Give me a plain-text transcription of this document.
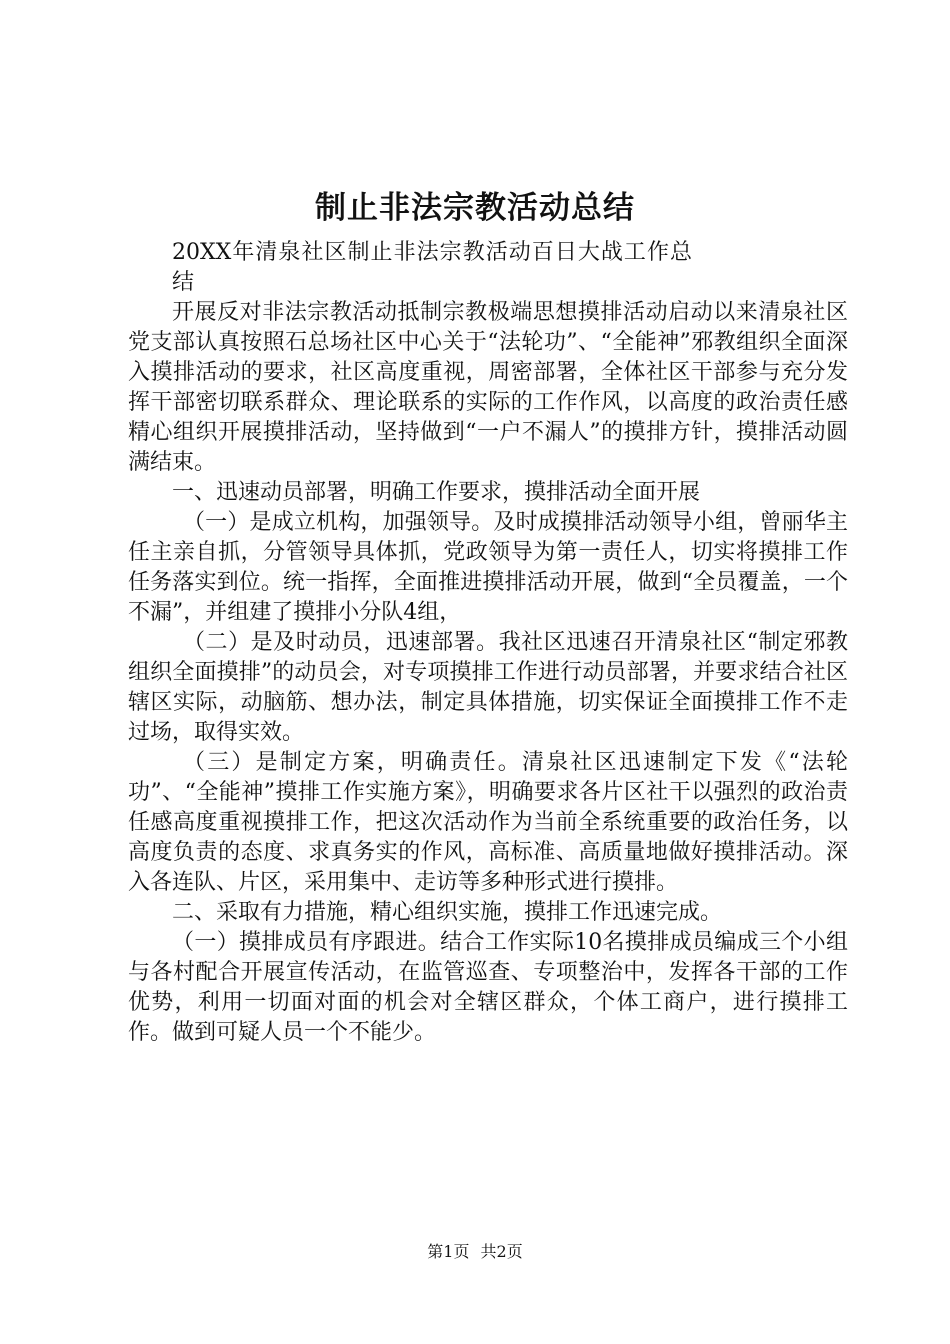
制止非法宗教活动总结

20XX年清泉社区制止非法宗教活动百日大战工作总结

开展反对非法宗教活动抵制宗教极端思想摸排活动启动以来清泉社区党支部认真按照石总场社区中心关于“法轮功”、“全能神”邪教组织全面深入摸排活动的要求，社区高度重视，周密部署，全体社区干部参与充分发挥干部密切联系群众、理论联系的实际的工作作风，以高度的政治责任感精心组织开展摸排活动，坚持做到“一户不漏人”的摸排方针，摸排活动圆满结束。

一、迅速动员部署，明确工作要求，摸排活动全面开展

（一）是成立机构，加强领导。及时成摸排活动领导小组，曾丽华主任主亲自抓，分管领导具体抓，党政领导为第一责任人，切实将摸排工作任务落实到位。统一指挥，全面推进摸排活动开展，做到“全员覆盖，一个不漏”，并组建了摸排小分队4组，

（二）是及时动员，迅速部署。我社区迅速召开清泉社区“制定邪教组织全面摸排”的动员会，对专项摸排工作进行动员部署，并要求结合社区辖区实际，动脑筋、想办法，制定具体措施，切实保证全面摸排工作不走过场，取得实效。

（三）是制定方案，明确责任。清泉社区迅速制定下发《“法轮功”、“全能神”摸排工作实施方案》，明确要求各片区社干以强烈的政治责任感高度重视摸排工作，把这次活动作为当前全系统重要的政治任务，以高度负责的态度、求真务实的作风，高标准、高质量地做好摸排活动。深入各连队、片区，采用集中、走访等多种形式进行摸排。

二、采取有力措施，精心组织实施，摸排工作迅速完成。

（一）摸排成员有序跟进。结合工作实际10名摸排成员编成三个小组与各村配合开展宣传活动，在监管巡查、专项整治中，发挥各干部的工作优势，利用一切面对面的机会对全辖区群众，个体工商户，进行摸排工作。做到可疑人员一个不能少。

第1页 共2页
